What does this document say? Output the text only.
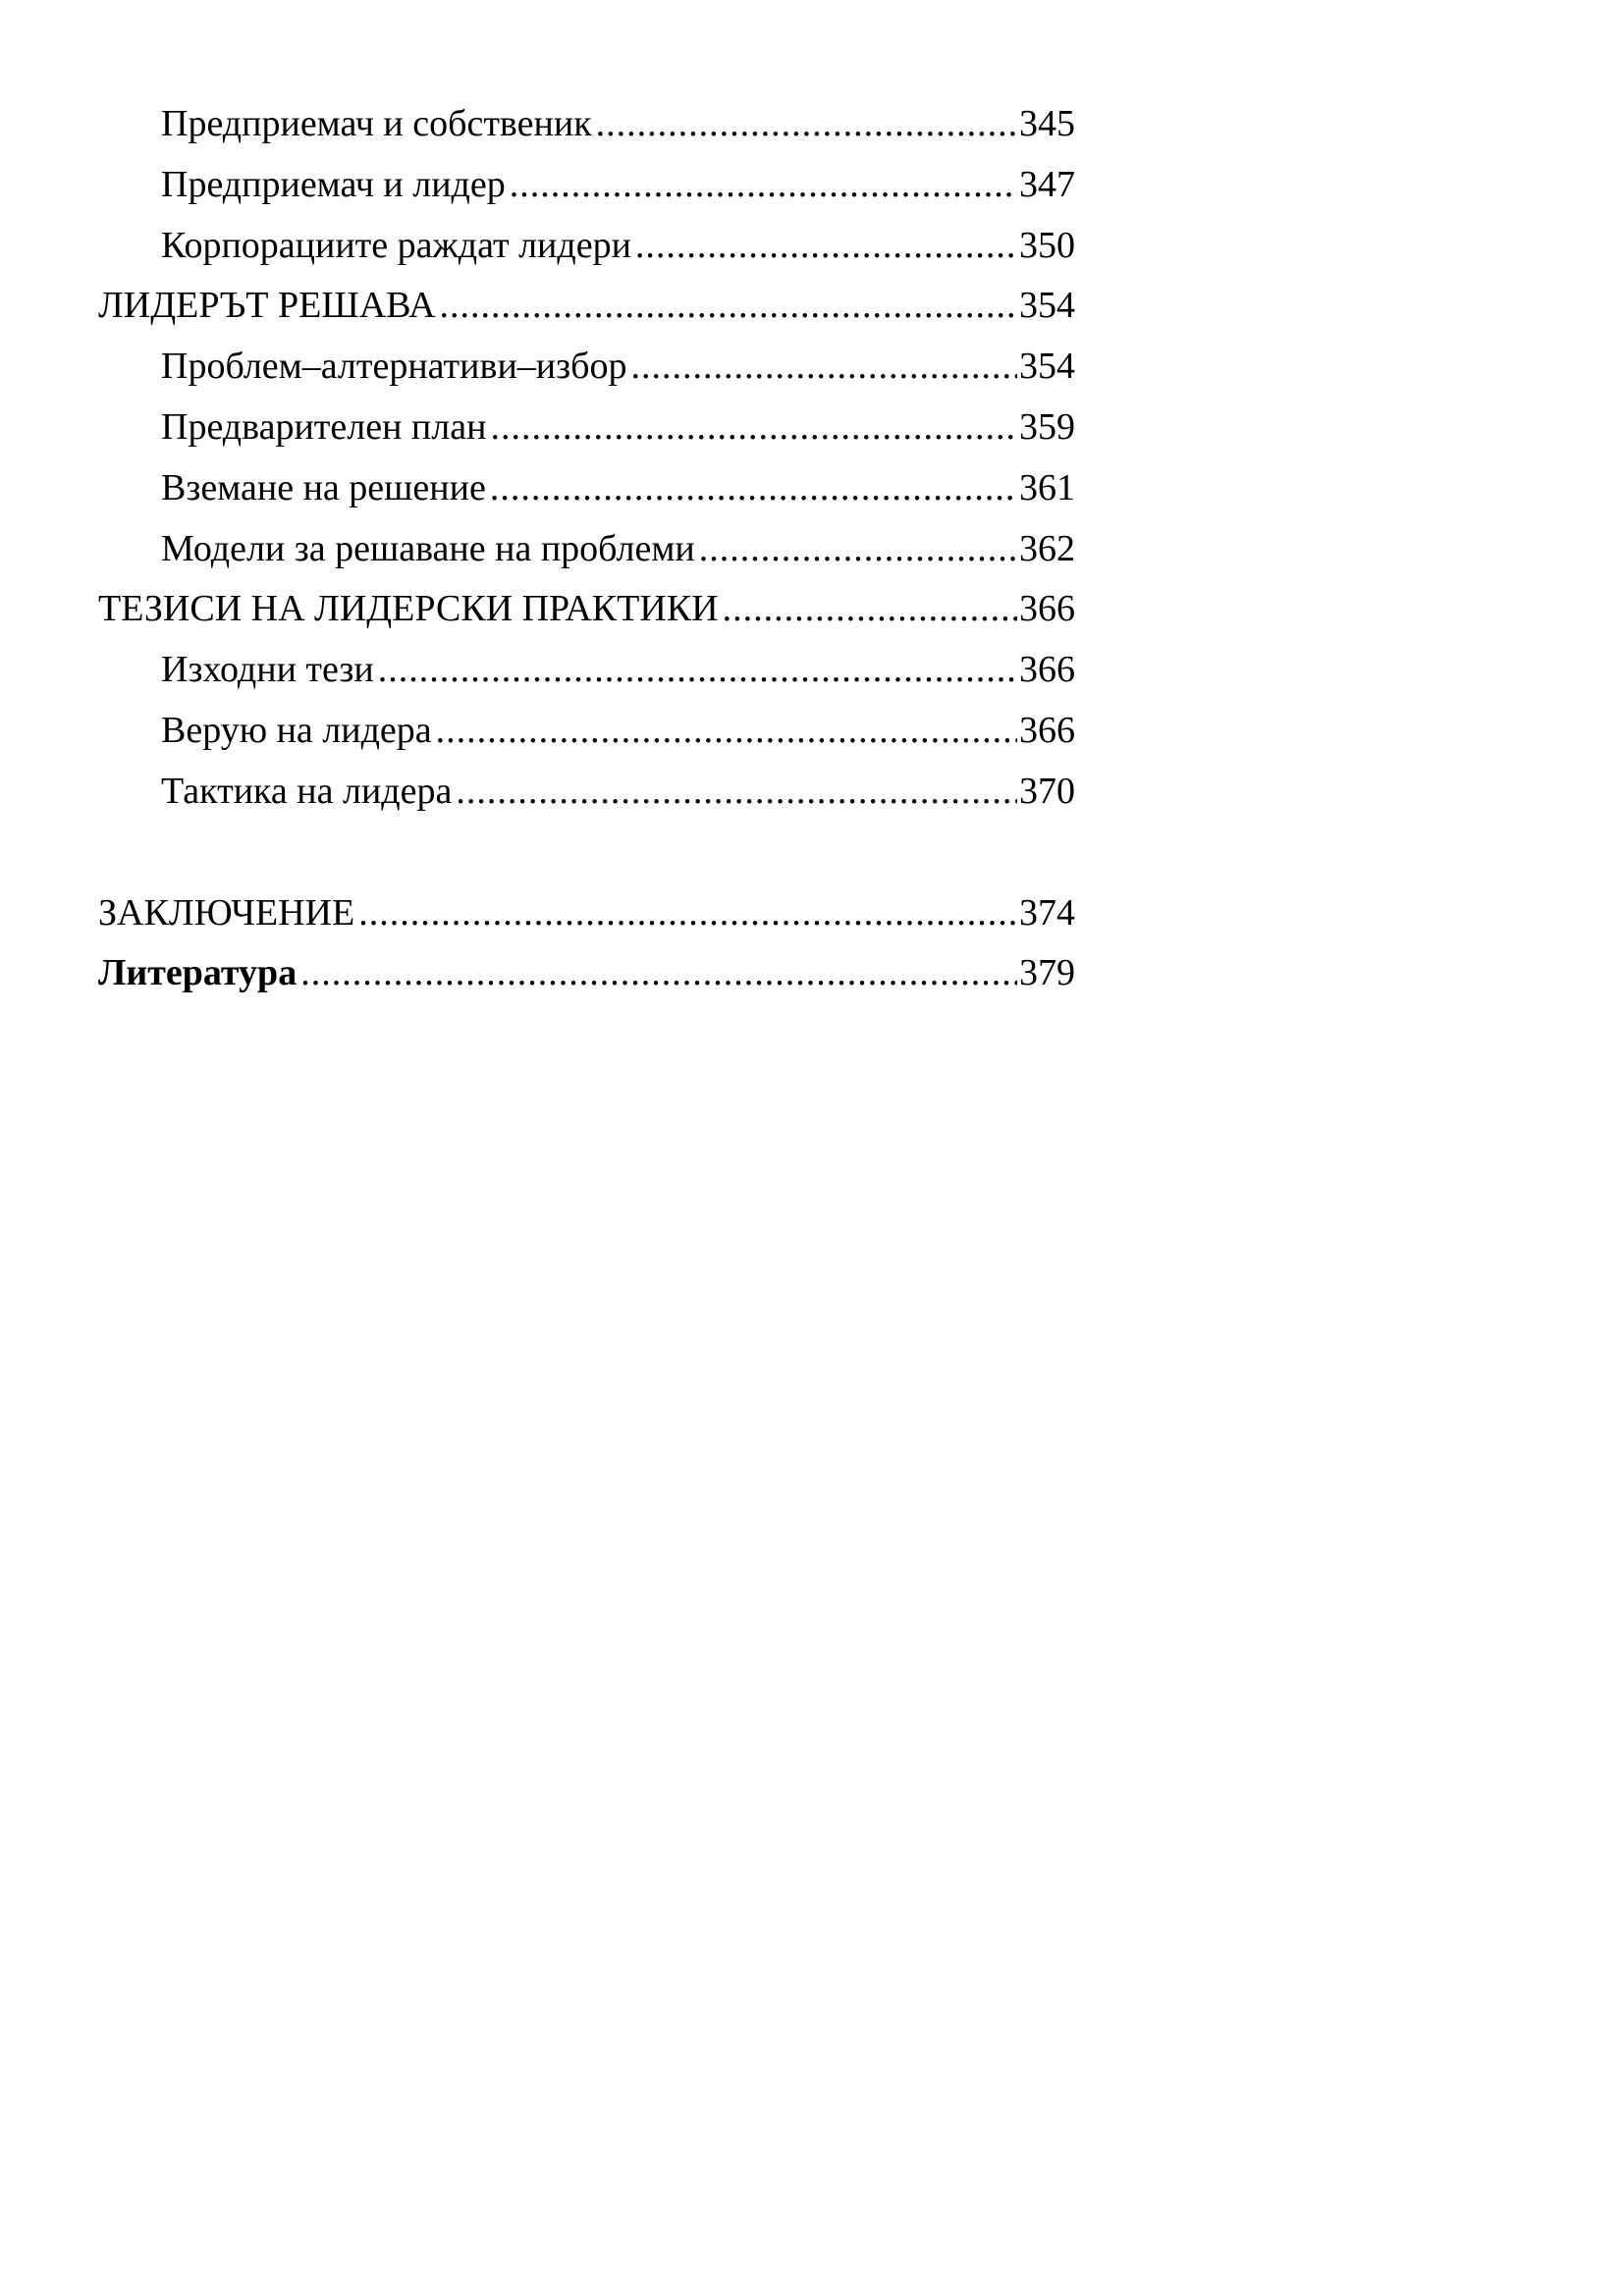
Предприемач и собственик .....	345
Предприемач и лидер .....	347
Корпорациите раждат лидери .....	350
ЛИДЕРЪТ РЕШАВА .....	354
Проблем–алтернативи–избор .....	354
Предварителен план .....	359
Вземане на решение .....	361
Модели за решаване на проблеми .....	362
ТЕЗИСИ НА ЛИДЕРСКИ ПРАКТИКИ .....	366
Изходни тези .....	366
Верую на лидера .....	366
Тактика на лидера .....	370
ЗАКЛЮЧЕНИЕ .....	374
Литература .....	379
